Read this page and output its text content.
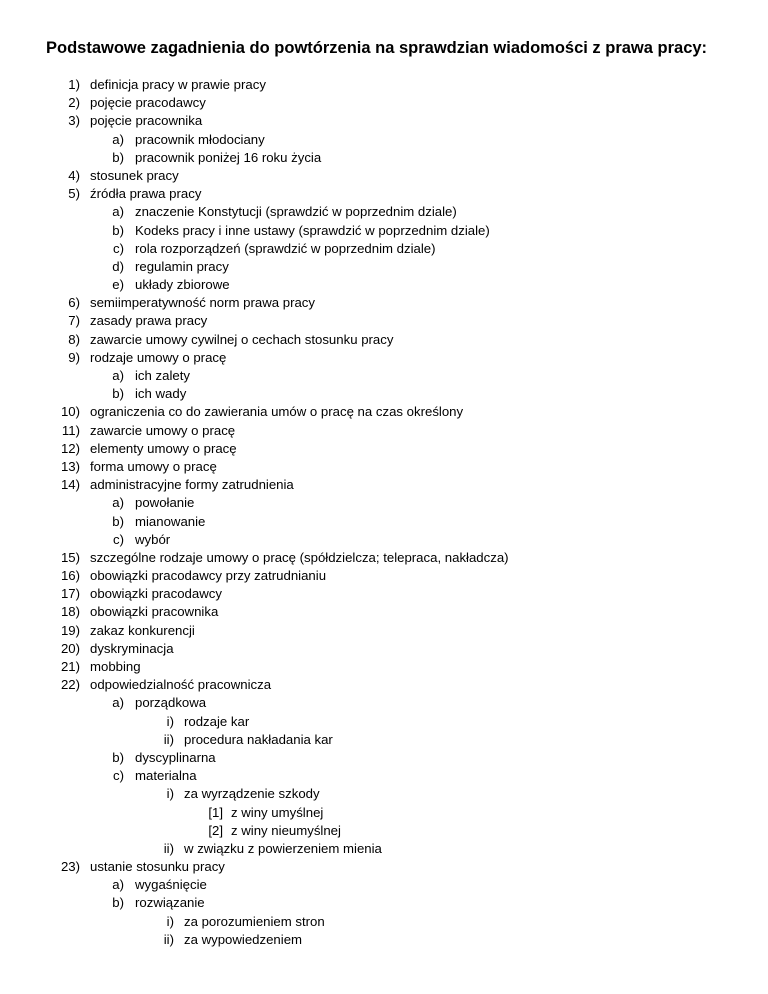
Podstawowe zagadnienia do powtórzenia na sprawdzian wiadomości z prawa pracy:
1) definicja pracy w prawie pracy
2) pojęcie pracodawcy
3) pojęcie pracownika
a) pracownik młodociany
b) pracownik poniżej 16 roku życia
4) stosunek pracy
5) źródła prawa pracy
a) znaczenie Konstytucji (sprawdzić w poprzednim dziale)
b) Kodeks pracy i inne ustawy (sprawdzić w poprzednim dziale)
c) rola rozporządzeń (sprawdzić w poprzednim dziale)
d) regulamin pracy
e) układy zbiorowe
6) semiimperatywność norm prawa pracy
7) zasady prawa pracy
8) zawarcie umowy cywilnej o cechach stosunku pracy
9) rodzaje umowy o pracę
a) ich zalety
b) ich wady
10) ograniczenia co do zawierania umów o pracę na czas określony
11) zawarcie umowy o pracę
12) elementy umowy o pracę
13) forma umowy o pracę
14) administracyjne formy zatrudnienia
a) powołanie
b) mianowanie
c) wybór
15) szczególne rodzaje umowy o pracę (spółdzielcza; telepraca, nakładcza)
16) obowiązki pracodawcy przy zatrudnianiu
17) obowiązki pracodawcy
18) obowiązki pracownika
19) zakaz konkurencji
20) dyskryminacja
21) mobbing
22) odpowiedzialność pracownicza
a) porządkowa
i) rodzaje kar
ii) procedura nakładania kar
b) dyscyplinarna
c) materialna
i) za wyrządzenie szkody
[1] z winy umyślnej
[2] z winy nieumyślnej
ii) w związku z powierzeniem mienia
23) ustanie stosunku pracy
a) wygaśnięcie
b) rozwiązanie
i) za porozumieniem stron
ii) za wypowiedzeniem
